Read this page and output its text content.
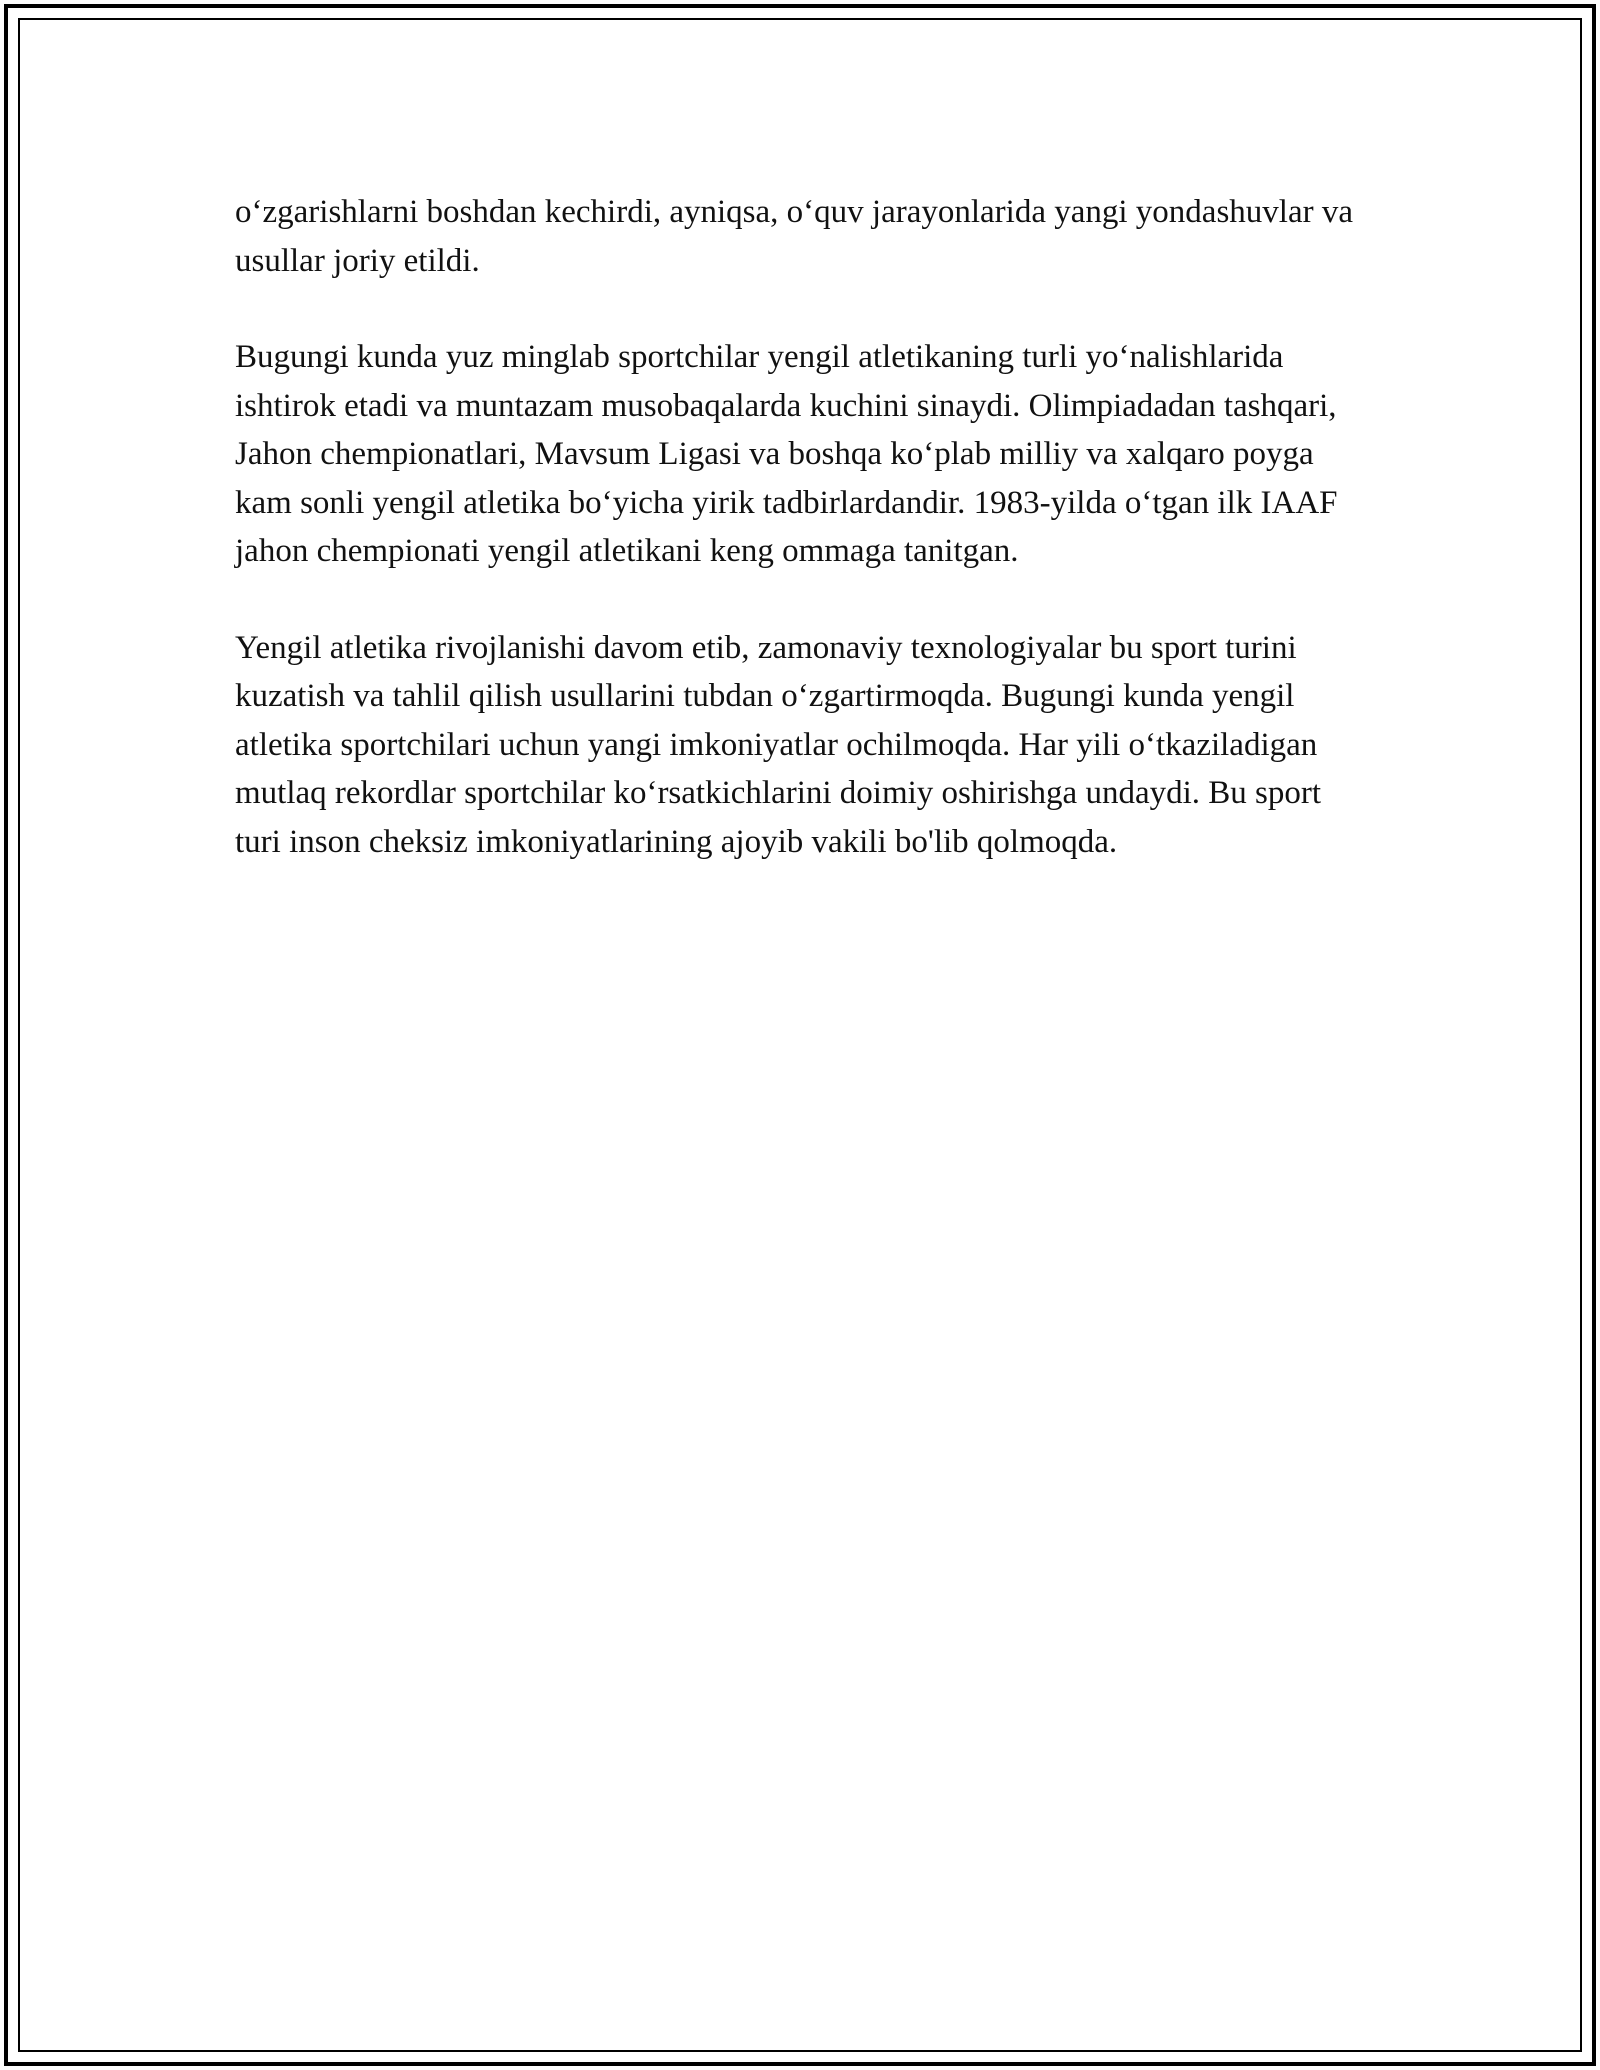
o‘zgarishlarni boshdan kechirdi, ayniqsa, o‘quv jarayonlarida yangi yondashuvlar va usullar joriy etildi.

Bugungi kunda yuz minglab sportchilar yengil atletikaning turli yo‘nalishlarida ishtirok etadi va muntazam musobaqalarda kuchini sinaydi. Olimpiadadan tashqari, Jahon chempionatlari, Mavsum Ligasi va boshqa ko‘plab milliy va xalqaro poyga kam sonli yengil atletika bo‘yicha yirik tadbirlardandir. 1983-yilda o‘tgan ilk IAAF jahon chempionati yengil atletikani keng ommaga tanitgan.

Yengil atletika rivojlanishi davom etib, zamonaviy texnologiyalar bu sport turini kuzatish va tahlil qilish usullarini tubdan o‘zgartirmoqda. Bugungi kunda yengil atletika sportchilari uchun yangi imkoniyatlar ochilmoqda. Har yili o‘tkaziladigan mutlaq rekordlar sportchilar ko‘rsatkichlarini doimiy oshirishga undaydi. Bu sport turi inson cheksiz imkoniyatlarining ajoyib vakili bo'lib qolmoqda.
